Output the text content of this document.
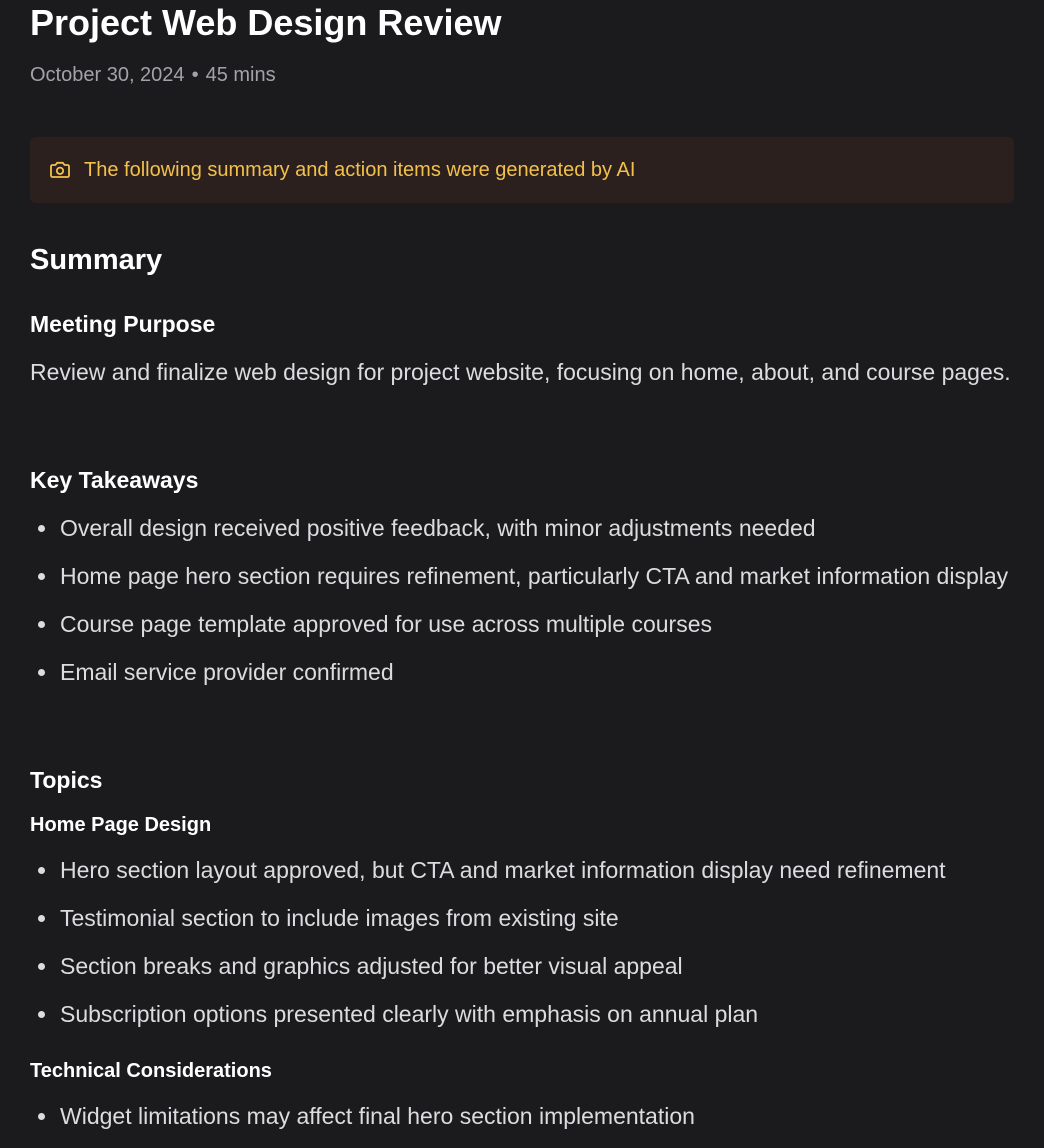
Project Web Design Review
October 30, 2024 • 45 mins
The following summary and action items were generated by AI
Summary
Meeting Purpose

Review and finalize web design for project website, focusing on home, about, and course pages.

Key Takeaways
Overall design received positive feedback, with minor adjustments needed
Home page hero section requires refinement, particularly CTA and market information display
Course page template approved for use across multiple courses
Email service provider confirmed
Topics
Home Page Design
Hero section layout approved, but CTA and market information display need refinement
Testimonial section to include images from existing site
Section breaks and graphics adjusted for better visual appeal
Subscription options presented clearly with emphasis on annual plan
Technical Considerations
Widget limitations may affect final hero section implementation
